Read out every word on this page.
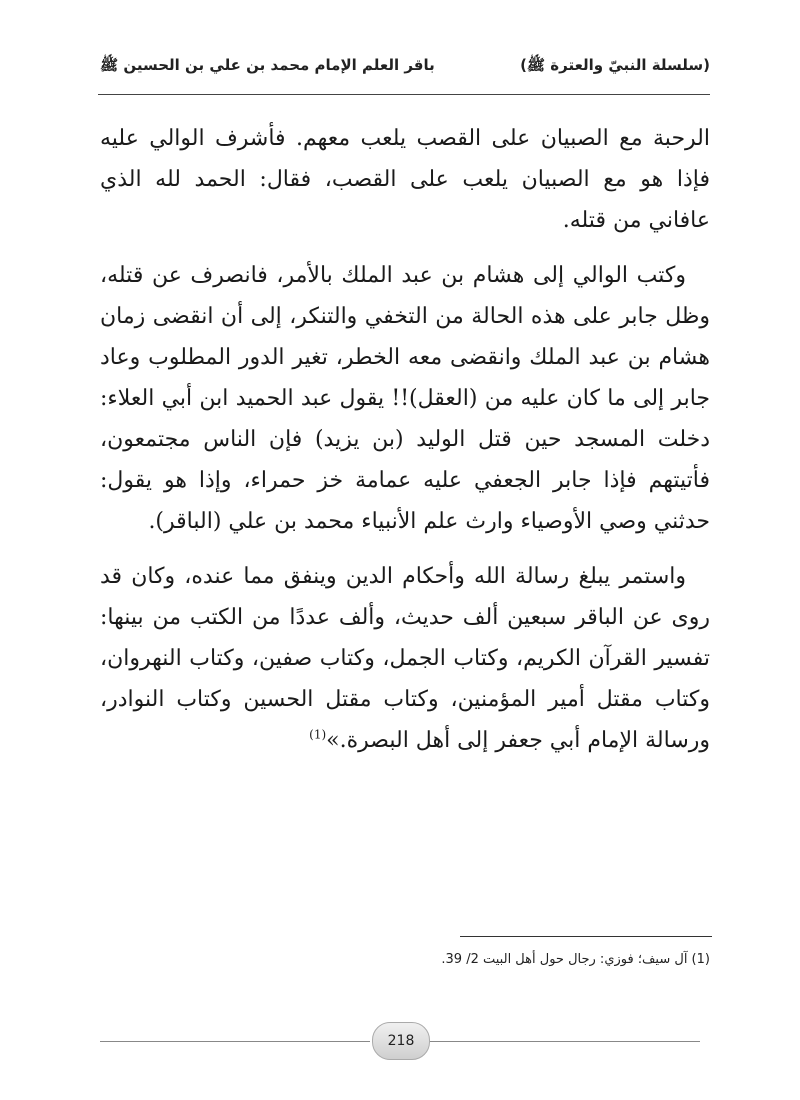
(سلسلة النبيّ والعترة ﷺ)
باقر العلم الإمام محمد بن علي بن الحسين ﷺ

الرحبة مع الصبيان على القصب يلعب معهم. فأشرف الوالي عليه فإذا هو مع الصبيان يلعب على القصب، فقال: الحمد لله الذي عافاني من قتله.

وكتب الوالي إلى هشام بن عبد الملك بالأمر، فانصرف عن قتله، وظل جابر على هذه الحالة من التخفي والتنكر، إلى أن انقضى زمان هشام بن عبد الملك وانقضى معه الخطر، تغير الدور المطلوب وعاد جابر إلى ما كان عليه من (العقل)!! يقول عبد الحميد ابن أبي العلاء: دخلت المسجد حين قتل الوليد (بن يزيد) فإن الناس مجتمعون، فأتيتهم فإذا جابر الجعفي عليه عمامة خز حمراء، وإذا هو يقول: حدثني وصي الأوصياء وارث علم الأنبياء محمد بن علي (الباقر).

واستمر يبلغ رسالة الله وأحكام الدين وينفق مما عنده، وكان قد روى عن الباقر سبعين ألف حديث، وألف عددًا من الكتب من بينها: تفسير القرآن الكريم، وكتاب الجمل، وكتاب صفين، وكتاب النهروان، وكتاب مقتل أمير المؤمنين، وكتاب مقتل الحسين وكتاب النوادر، ورسالة الإمام أبي جعفر إلى أهل البصرة.»$^{(1)}$

(1) آل سيف؛ فوزي: رجال حول أهل البيت 2/ 39.
218
